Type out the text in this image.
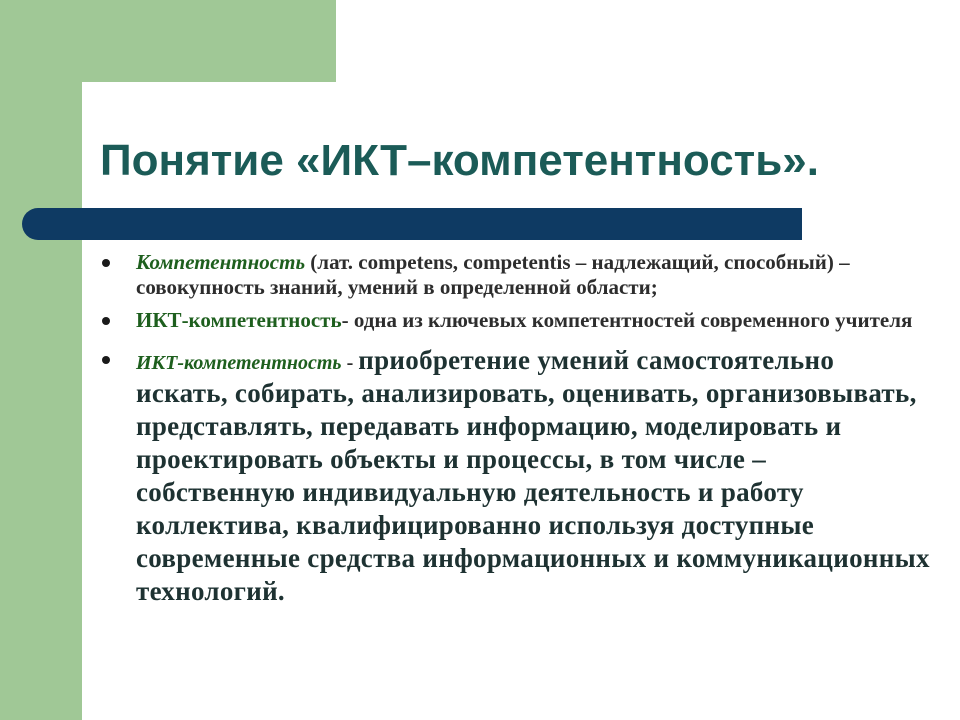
Понятие «ИКТ–компетентность».
Компетентность (лат. competens, competentis – надлежащий, способный) – совокупность знаний, умений в определенной области;
ИКТ-компетентность- одна из ключевых компетентностей современного учителя
ИКТ-компетентность - приобретение умений самостоятельно искать, собирать, анализировать, оценивать, организовывать, представлять, передавать информацию, моделировать и проектировать объекты и процессы, в том числе – собственную индивидуальную деятельность и работу коллектива, квалифицированно используя доступные современные средства информационных и коммуникационных технологий.
